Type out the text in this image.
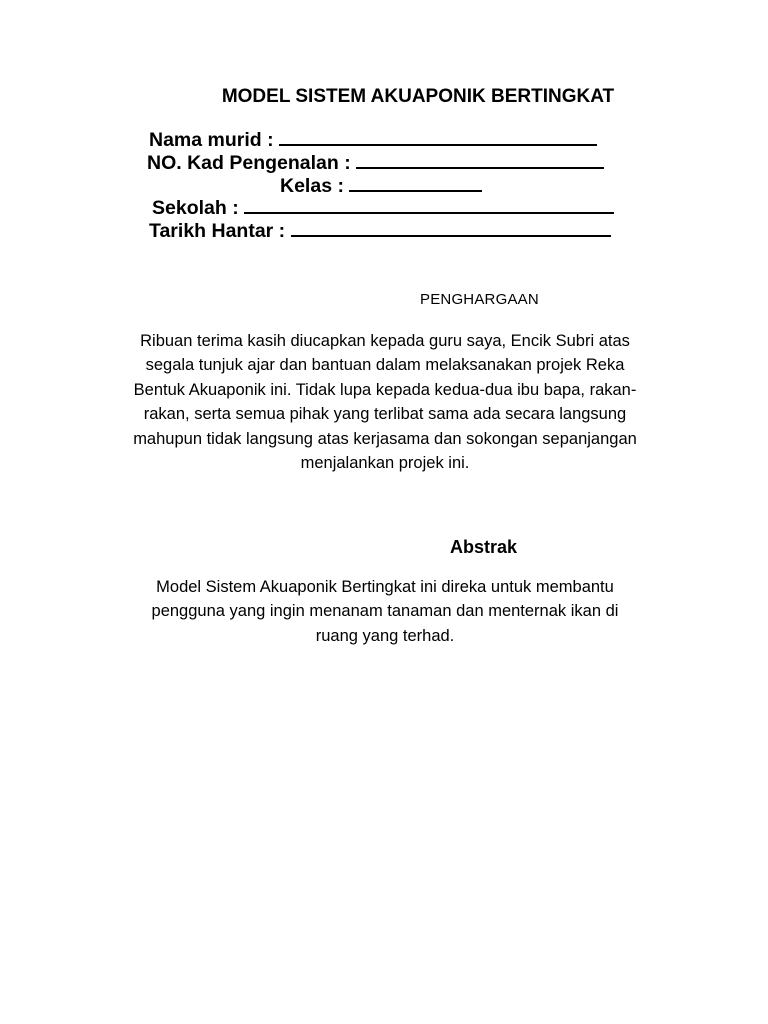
MODEL SISTEM AKUAPONIK BERTINGKAT
Nama murid :
NO. Kad Pengenalan :
Kelas :
Sekolah :
Tarikh Hantar :
PENGHARGAAN
Ribuan terima kasih diucapkan kepada guru saya, Encik Subri atas
segala tunjuk ajar dan bantuan dalam melaksanakan projek Reka
Bentuk Akuaponik ini. Tidak lupa kepada kedua-dua ibu bapa, rakan-
rakan, serta semua pihak yang terlibat sama ada secara langsung
mahupun tidak langsung atas kerjasama dan sokongan sepanjangan
menjalankan projek ini.
Abstrak
Model Sistem Akuaponik Bertingkat ini direka untuk membantu
pengguna yang ingin menanam tanaman dan menternak ikan di
ruang yang terhad.
